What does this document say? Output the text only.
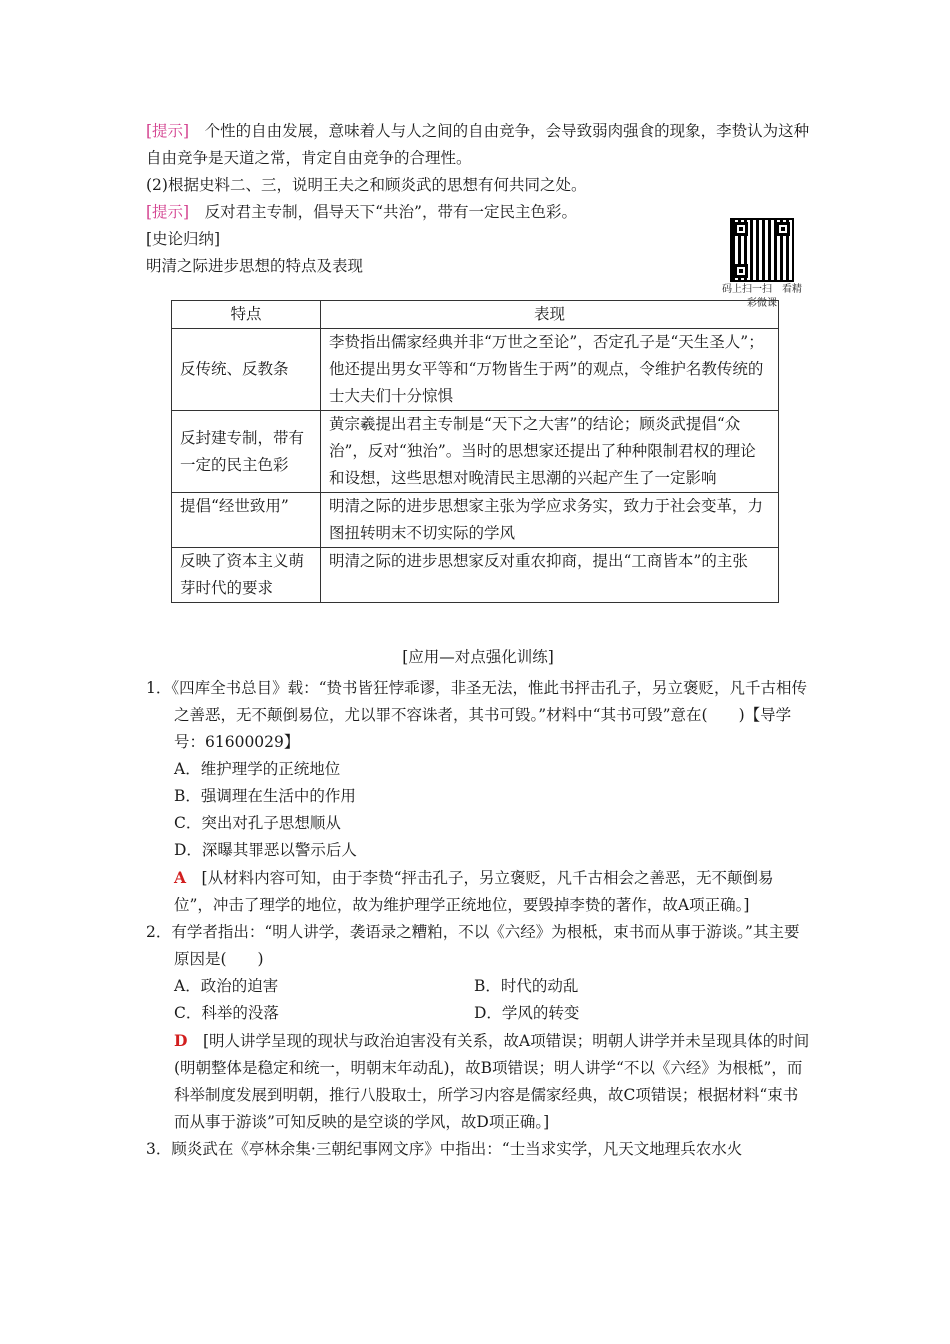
[提示]　个性的自由发展，意味着人与人之间的自由竞争，会导致弱肉强食的现象，李贽认为这种自由竞争是天道之常，肯定自由竞争的合理性。

(2)根据史料二、三，说明王夫之和顾炎武的思想有何共同之处。

[提示]　反对君主专制，倡导天下“共治”，带有一定民主色彩。

[史论归纳]

明清之际进步思想的特点及表现

码上扫一扫　看精彩微课
特点	表现
反传统、反教条	李贽指出儒家经典并非“万世之至论”，否定孔子是“天生圣人”；他还提出男女平等和“万物皆生于两”的观点，令维护名教传统的士大夫们十分惊惧
反封建专制，带有一定的民主色彩	黄宗羲提出君主专制是“天下之大害”的结论；顾炎武提倡“众治”，反对“独治”。当时的思想家还提出了种种限制君权的理论和设想，这些思想对晚清民主思潮的兴起产生了一定影响
提倡“经世致用”	明清之际的进步思想家主张为学应求务实，致力于社会变革，力图扭转明末不切实际的学风
反映了资本主义萌芽时代的要求	明清之际的进步思想家反对重农抑商，提出“工商皆本”的主张

[应用—对点强化训练]

1．《四库全书总目》载：“贽书皆狂悖乖谬，非圣无法，惟此书抨击孔子，另立褒贬，凡千古相传之善恶，无不颠倒易位，尤以罪不容诛者，其书可毁。”材料中“其书可毁”意在(　　)【导学号：61600029】

A．维护理学的正统地位

B．强调理在生活中的作用

C．突出对孔子思想顺从

D．深曝其罪恶以警示后人

A　 [从材料内容可知，由于李贽“抨击孔子，另立褒贬，凡千古相会之善恶，无不颠倒易位”，冲击了理学的地位，故为维护理学正统地位，要毁掉李贽的著作，故A项正确。]

2．有学者指出：“明人讲学，袭语录之糟粕，不以《六经》为根柢，束书而从事于游谈。”其主要原因是(　　)

A．政治的迫害	B．时代的动乱
C．科举的没落	D．学风的转变

D　 [明人讲学呈现的现状与政治迫害没有关系，故A项错误；明朝人讲学并未呈现具体的时间(明朝整体是稳定和统一，明朝末年动乱)，故B项错误；明人讲学“不以《六经》为根柢”，而科举制度发展到明朝，推行八股取士，所学习内容是儒家经典，故C项错误；根据材料“束书而从事于游谈”可知反映的是空谈的学风，故D项正确。]

3．顾炎武在《亭林余集·三朝纪事网文序》中指出：“士当求实学，凡天文地理兵农水火
